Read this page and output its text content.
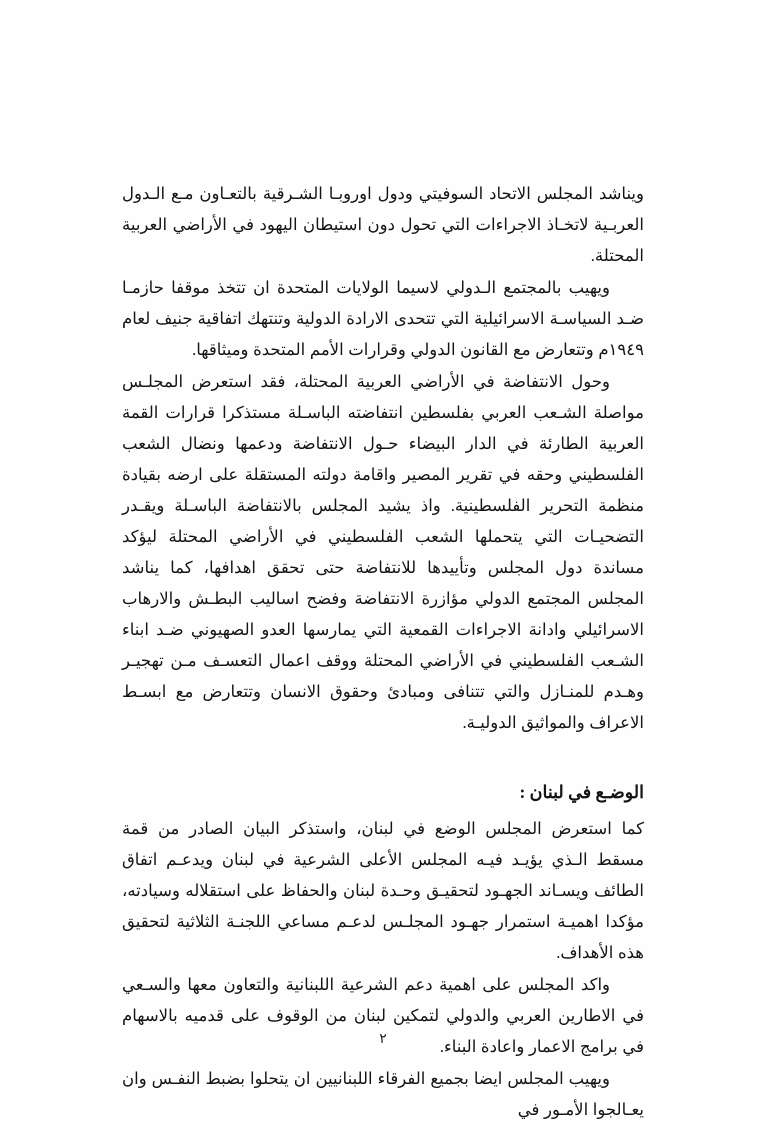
ويناشد المجلس الاتحاد السوفيتي ودول اوروبـا الشـرقية بالتعـاون مـع الـدول العربـية لاتخـاذ الاجراءات التي تحول دون استيطان اليهود في الأراضي العربية المحتلة.

ويهيب بالمجتمع الـدولي لاسيما الولايات المتحدة ان تتخذ موقفا حازمـا ضـد السياسـة الاسرائيلية التي تتحدى الارادة الدولية وتنتهك اتفاقية جنيف لعام ١٩٤٩م وتتعارض مع القانون الدولي وقرارات الأمم المتحدة وميثاقها.

وحول الانتفاضة في الأراضي العربية المحتلة، فقد استعرض المجلـس مواصلة الشـعب العربي بفلسطين انتفاضته الباسـلة مستذكرا قرارات القمة العربية الطارئة في الدار البيضاء حـول الانتفاضة ودعمها ونضال الشعب الفلسطيني وحقه في تقرير المصير واقامة دولته المستقلة على ارضه بقيادة منظمة التحرير الفلسطينية. واذ يشيد المجلس بالانتفاضة الباسـلة ويقـدر التضحيـات التي يتحملها الشعب الفلسطيني في الأراضي المحتلة ليؤكد مساندة دول المجلس وتأييدها للانتفاضة حتى تحقق اهدافها، كما يناشد المجلس المجتمع الدولي مؤازرة الانتفاضة وفضح اساليب البطـش والارهاب الاسرائيلي وادانة الاجراءات القمعية التي يمارسها العدو الصهيوني ضـد ابناء الشـعب الفلسطيني في الأراضي المحتلة ووقف اعمال التعسـف مـن تهجيـر وهـدم للمنـازل والتي تتنافى ومبادئ وحقوق الانسان وتتعارض مع ابسـط الاعراف والمواثيق الدوليـة.

الوضـع في لبنان :

كما استعرض المجلس الوضع في لبنان، واستذكر البيان الصادر من قمة مسقط الـذي يؤيـد فيـه المجلس الأعلى الشرعية في لبنان ويدعـم اتفاق الطائف ويسـاند الجهـود لتحقيـق وحـدة لبنان والحفاظ على استقلاله وسيادته، مؤكدا اهميـة استمرار جهـود المجلـس لدعـم مساعي اللجنـة الثلاثية لتحقيق هذه الأهداف.

واكد المجلس على اهمية دعم الشرعية اللبنانية والتعاون معها والسـعي في الاطارين العربي والدولي لتمكين لبنان من الوقوف على قدميه بالاسهام في برامج الاعمار واعادة البناء.

ويهيب المجلس ايضا بجميع الفرقاء اللبنانيين ان يتحلوا بضبط النفـس وان يعـالجوا الأمـور في

٢
